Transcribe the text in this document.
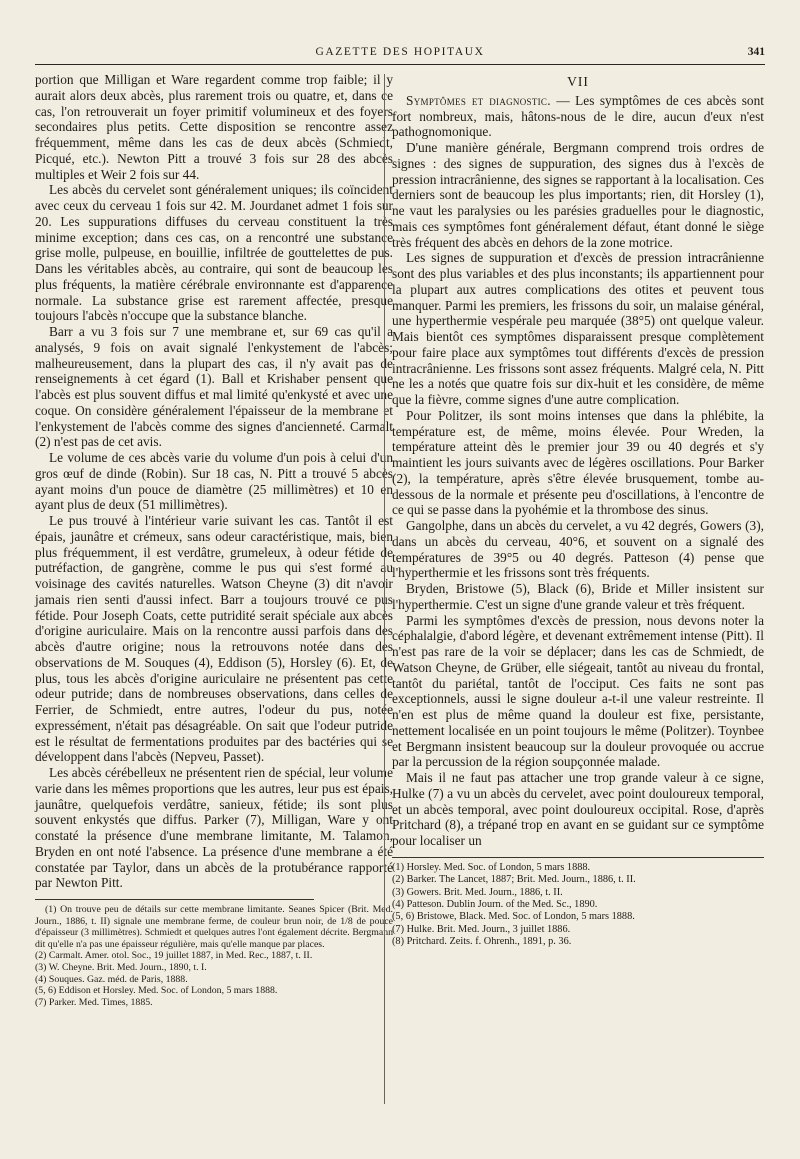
GAZETTE DES HOPITAUX	341

portion que Milligan et Ware regardent comme trop faible; il y aurait alors deux abcès, plus rarement trois ou quatre, et, dans ce cas, l'on retrouverait un foyer primitif volumineux et des foyers secondaires plus petits. Cette disposition se rencontre assez fréquemment, même dans les cas de deux abcès (Schmiedt, Picqué, etc.). Newton Pitt a trouvé 3 fois sur 28 des abcès multiples et Weir 2 fois sur 44.

Les abcès du cervelet sont généralement uniques; ils coïncident avec ceux du cerveau 1 fois sur 42. M. Jourdanet admet 1 fois sur 20. Les suppurations diffuses du cerveau constituent la très minime exception; dans ces cas, on a rencontré une substance grise molle, pulpeuse, en bouillie, infiltrée de gouttelettes de pus. Dans les véritables abcès, au contraire, qui sont de beaucoup les plus fréquents, la matière cérébrale environnante est d'apparence normale. La substance grise est rarement affectée, presque toujours l'abcès n'occupe que la substance blanche.

Barr a vu 3 fois sur 7 une membrane et, sur 69 cas qu'il a analysés, 9 fois on avait signalé l'enkystement de l'abcès; malheureusement, dans la plupart des cas, il n'y avait pas de renseignements à cet égard (1). Ball et Krishaber pensent que l'abcès est plus souvent diffus et mal limité qu'enkysté et avec une coque. On considère généralement l'épaisseur de la membrane et l'enkystement de l'abcès comme des signes d'ancienneté. Carmalt (2) n'est pas de cet avis.

Le volume de ces abcès varie du volume d'un pois à celui d'un gros œuf de dinde (Robin). Sur 18 cas, N. Pitt a trouvé 5 abcès ayant moins d'un pouce de diamètre (25 millimètres) et 10 en ayant plus de deux (51 millimètres).

Le pus trouvé à l'intérieur varie suivant les cas. Tantôt il est épais, jaunâtre et crémeux, sans odeur caractéristique, mais, bien plus fréquemment, il est verdâtre, grumeleux, à odeur fétide de putréfaction, de gangrène, comme le pus qui s'est formé au voisinage des cavités naturelles. Watson Cheyne (3) dit n'avoir jamais rien senti d'aussi infect. Barr a toujours trouvé ce pus fétide. Pour Joseph Coats, cette putridité serait spéciale aux abcès d'origine auriculaire. Mais on la rencontre aussi parfois dans des abcès d'autre origine; nous la retrouvons notée dans des observations de M. Souques (4), Eddison (5), Horsley (6). Et, de plus, tous les abcès d'origine auriculaire ne présentent pas cette odeur putride; dans de nombreuses observations, dans celles de Ferrier, de Schmiedt, entre autres, l'odeur du pus, notée expressément, n'était pas désagréable. On sait que l'odeur putride est le résultat de fermentations produites par des bactéries qui se développent dans l'abcès (Nepveu, Passet).

Les abcès cérébelleux ne présentent rien de spécial, leur volume varie dans les mêmes proportions que les autres, leur pus est épais, jaunâtre, quelquefois verdâtre, sanieux, fétide; ils sont plus souvent enkystés que diffus. Parker (7), Milligan, Ware y ont constaté la présence d'une membrane limitante, M. Talamon, Bryden en ont noté l'absence. La présence d'une membrane a été constatée par Taylor, dans un abcès de la protubérance rapporté par Newton Pitt.

(1) On trouve peu de détails sur cette membrane limitante. Seanes Spicer (Brit. Med. Journ., 1886, t. II) signale une membrane ferme, de couleur brun noir, de 1/8 de pouce d'épaisseur (3 millimètres). Schmiedt et quelques autres l'ont également décrite. Bergmann dit qu'elle n'a pas une épaisseur régulière, mais qu'elle manque par places.

(2) Carmalt. Amer. otol. Soc., 19 juillet 1887, in Med. Rec., 1887, t. II.

(3) W. Cheyne. Brit. Med. Journ., 1890, t. I.

(4) Souques. Gaz. méd. de Paris, 1888.

(5, 6) Eddison et Horsley. Med. Soc. of London, 5 mars 1888.

(7) Parker. Med. Times, 1885.

VII

Symptômes et diagnostic. — Les symptômes de ces abcès sont fort nombreux, mais, hâtons-nous de le dire, aucun d'eux n'est pathognomonique.

D'une manière générale, Bergmann comprend trois ordres de signes : des signes de suppuration, des signes dus à l'excès de pression intracrânienne, des signes se rapportant à la localisation. Ces derniers sont de beaucoup les plus importants; rien, dit Horsley (1), ne vaut les paralysies ou les parésies graduelles pour le diagnostic, mais ces symptômes font généralement défaut, étant donné le siège très fréquent des abcès en dehors de la zone motrice.

Les signes de suppuration et d'excès de pression intracrânienne sont des plus variables et des plus inconstants; ils appartiennent pour la plupart aux autres complications des otites et peuvent tous manquer. Parmi les premiers, les frissons du soir, un malaise général, une hyperthermie vespérale peu marquée (38°5) ont quelque valeur. Mais bientôt ces symptômes disparaissent presque complètement pour faire place aux symptômes tout différents d'excès de pression intracrânienne. Les frissons sont assez fréquents. Malgré cela, N. Pitt ne les a notés que quatre fois sur dix-huit et les considère, de même que la fièvre, comme signes d'une autre complication.

Pour Politzer, ils sont moins intenses que dans la phlébite, la température est, de même, moins élevée. Pour Wreden, la température atteint dès le premier jour 39 ou 40 degrés et s'y maintient les jours suivants avec de légères oscillations. Pour Barker (2), la température, après s'être élevée brusquement, tombe au-dessous de la normale et présente peu d'oscillations, à l'encontre de ce qui se passe dans la pyohémie et la thrombose des sinus.

Gangolphe, dans un abcès du cervelet, a vu 42 degrés, Gowers (3), dans un abcès du cerveau, 40°6, et souvent on a signalé des températures de 39°5 ou 40 degrés. Patteson (4) pense que l'hyperthermie et les frissons sont très fréquents.

Bryden, Bristowe (5), Black (6), Bride et Miller insistent sur l'hyperthermie. C'est un signe d'une grande valeur et très fréquent.

Parmi les symptômes d'excès de pression, nous devons noter la céphalalgie, d'abord légère, et devenant extrêmement intense (Pitt). Il n'est pas rare de la voir se déplacer; dans les cas de Schmiedt, de Watson Cheyne, de Grüber, elle siégeait, tantôt au niveau du frontal, tantôt du pariétal, tantôt de l'occiput. Ces faits ne sont pas exceptionnels, aussi le signe douleur a-t-il une valeur restreinte. Il n'en est plus de même quand la douleur est fixe, persistante, nettement localisée en un point toujours le même (Politzer). Toynbee et Bergmann insistent beaucoup sur la douleur provoquée ou accrue par la percussion de la région soupçonnée malade.

Mais il ne faut pas attacher une trop grande valeur à ce signe, Hulke (7) a vu un abcès du cervelet, avec point douloureux temporal, et un abcès temporal, avec point douloureux occipital. Rose, d'après Pritchard (8), a trépané trop en avant en se guidant sur ce symptôme pour localiser un

(1) Horsley. Med. Soc. of London, 5 mars 1888.

(2) Barker. The Lancet, 1887; Brit. Med. Journ., 1886, t. II.

(3) Gowers. Brit. Med. Journ., 1886, t. II.

(4) Patteson. Dublin Journ. of the Med. Sc., 1890.

(5, 6) Bristowe, Black. Med. Soc. of London, 5 mars 1888.

(7) Hulke. Brit. Med. Journ., 3 juillet 1886.

(8) Pritchard. Zeits. f. Ohrenh., 1891, p. 36.
